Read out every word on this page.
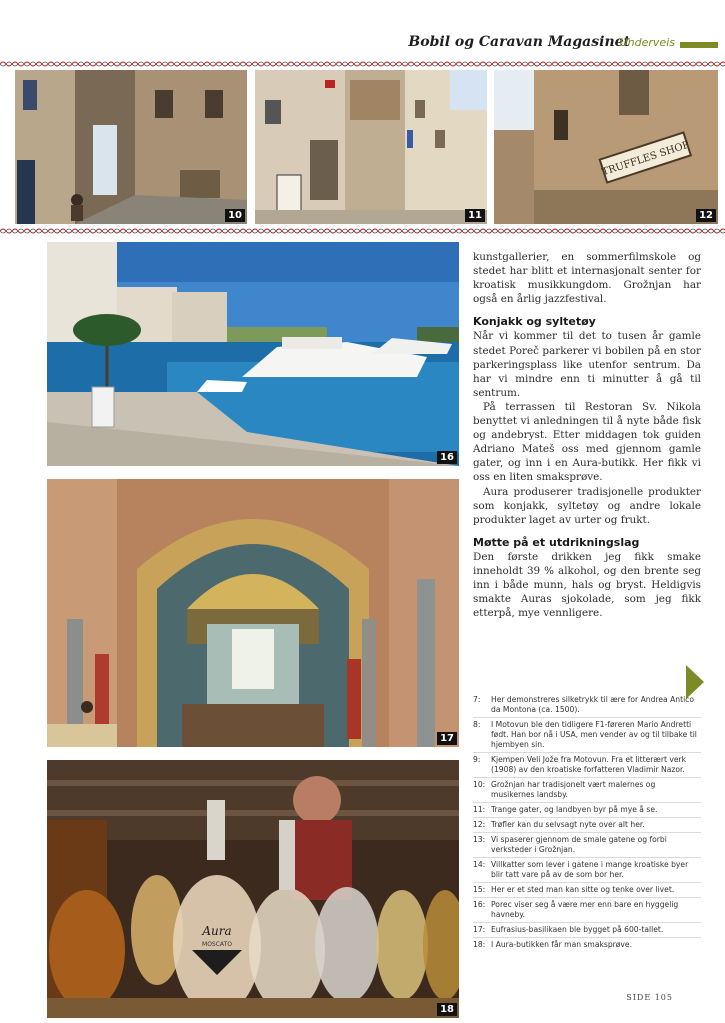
Bobil og Caravan Magasinet
Underveis
10	11
TRUFFLES SHOP
12
16
17
Aura
MOSCATO
18

kunstgallerier, en sommerfilmskole og stedet har blitt et internasjonalt senter for kroatisk musikkungdom. Grožnjan har også en årlig jazzfestival.

Konjakk og syltetøy

Når vi kommer til det to tusen år gamle stedet Poreč parkerer vi bobilen på en stor parkeringsplass like utenfor sentrum. Da har vi mindre enn ti minutter å gå til sentrum.

På terrassen til Restoran Sv. Nikola benyttet vi anledningen til å nyte både fisk og andebryst. Etter middagen tok guiden Adriano Mateš oss med gjennom gamle gater, og inn i en Aura-butikk. Her fikk vi oss en liten smaksprøve.

Aura produserer tradisjonelle produkter som konjakk, syltetøy og andre lokale produkter laget av urter og frukt.

Møtte på et utdrikningslag

Den første drikken jeg fikk smake inneholdt 39 % alkohol, og den brente seg inn i både munn, hals og bryst. Heldigvis smakte Auras sjokolade, som jeg fikk etterpå, mye vennligere.

7:	Her demonstreres silketrykk til ære for Andrea Antico da Montona (ca. 1500).
8:	I Motovun ble den tidligere F1-føreren Mario Andretti født. Han bor nå i USA, men vender av og til tilbake til hjembyen sin.
9:	Kjempen Veli Jože fra Motovun. Fra et litterært verk (1908) av den kroatiske forfatteren Vladimir Nazor.
10: Grožnjan har tradisjonelt vært malernes og musikernes landsby.
11: Trange gater, og landbyen byr på mye å se.
12: Trøfler kan du selvsagt nyte over alt her.
13: Vi spaserer gjennom de smale gatene og forbi verksteder i Grožnjan.
14: Villkatter som lever i gatene i mange kroatiske byer blir tatt vare på av de som bor her.
15: Her er et sted man kan sitte og tenke over livet.
16: Porec viser seg å være mer enn bare en hyggelig havneby.
17: Eufrasius-basilikaen ble bygget på 600-tallet.
18: I Aura-butikken får man smaksprøve.
SIDE 105
